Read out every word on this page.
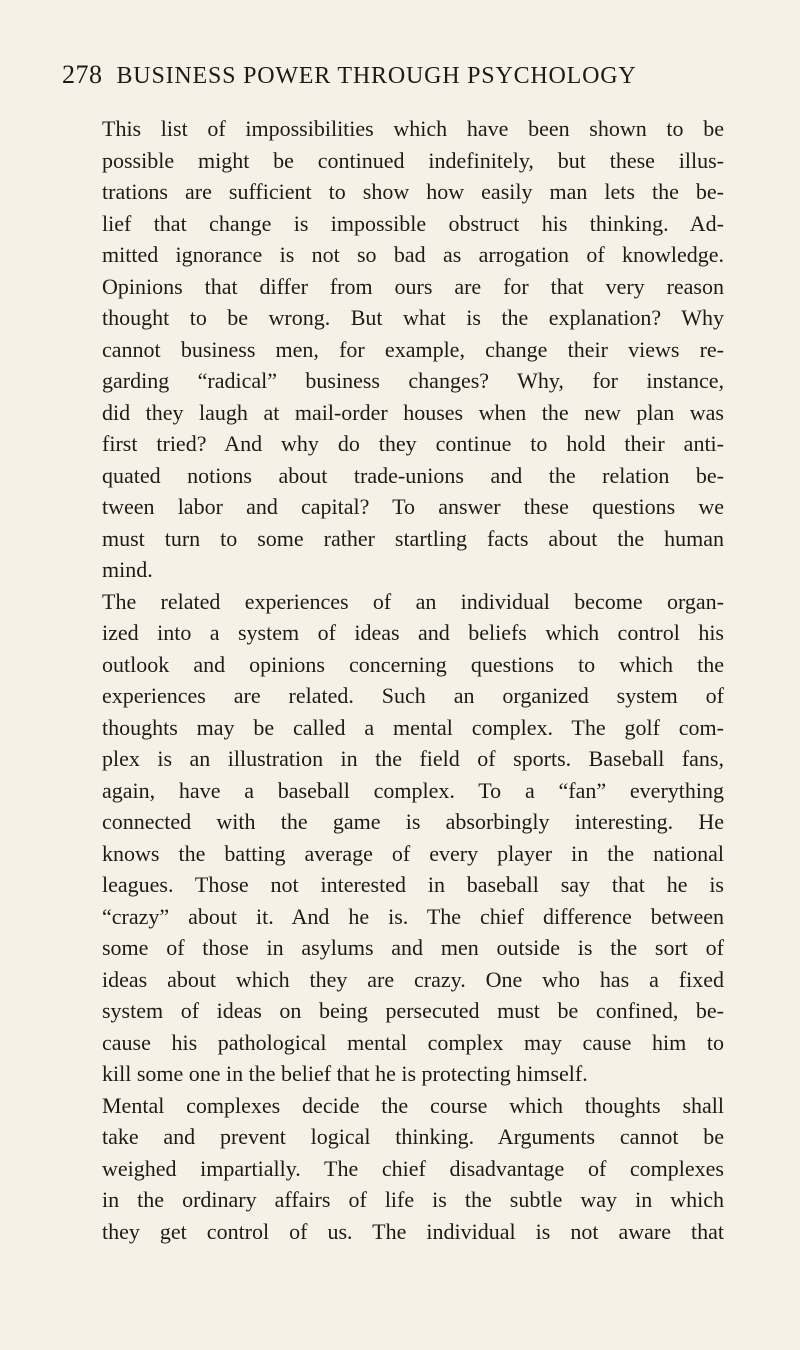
278 BUSINESS POWER THROUGH PSYCHOLOGY
This list of impossibilities which have been shown to be
possible might be continued indefinitely, but these illus-
trations are sufficient to show how easily man lets the be-
lief that change is impossible obstruct his thinking. Ad-
mitted ignorance is not so bad as arrogation of knowledge.
Opinions that differ from ours are for that very reason
thought to be wrong. But what is the explanation? Why
cannot business men, for example, change their views re-
garding “radical” business changes? Why, for instance,
did they laugh at mail-order houses when the new plan was
first tried? And why do they continue to hold their anti-
quated notions about trade-unions and the relation be-
tween labor and capital? To answer these questions we
must turn to some rather startling facts about the human
mind.
The related experiences of an individual become organ-
ized into a system of ideas and beliefs which control his
outlook and opinions concerning questions to which the
experiences are related. Such an organized system of
thoughts may be called a mental complex. The golf com-
plex is an illustration in the field of sports. Baseball fans,
again, have a baseball complex. To a “fan” everything
connected with the game is absorbingly interesting. He
knows the batting average of every player in the national
leagues. Those not interested in baseball say that he is
“crazy” about it. And he is. The chief difference between
some of those in asylums and men outside is the sort of
ideas about which they are crazy. One who has a fixed
system of ideas on being persecuted must be confined, be-
cause his pathological mental complex may cause him to
kill some one in the belief that he is protecting himself.
Mental complexes decide the course which thoughts shall
take and prevent logical thinking. Arguments cannot be
weighed impartially. The chief disadvantage of complexes
in the ordinary affairs of life is the subtle way in which
they get control of us. The individual is not aware that
